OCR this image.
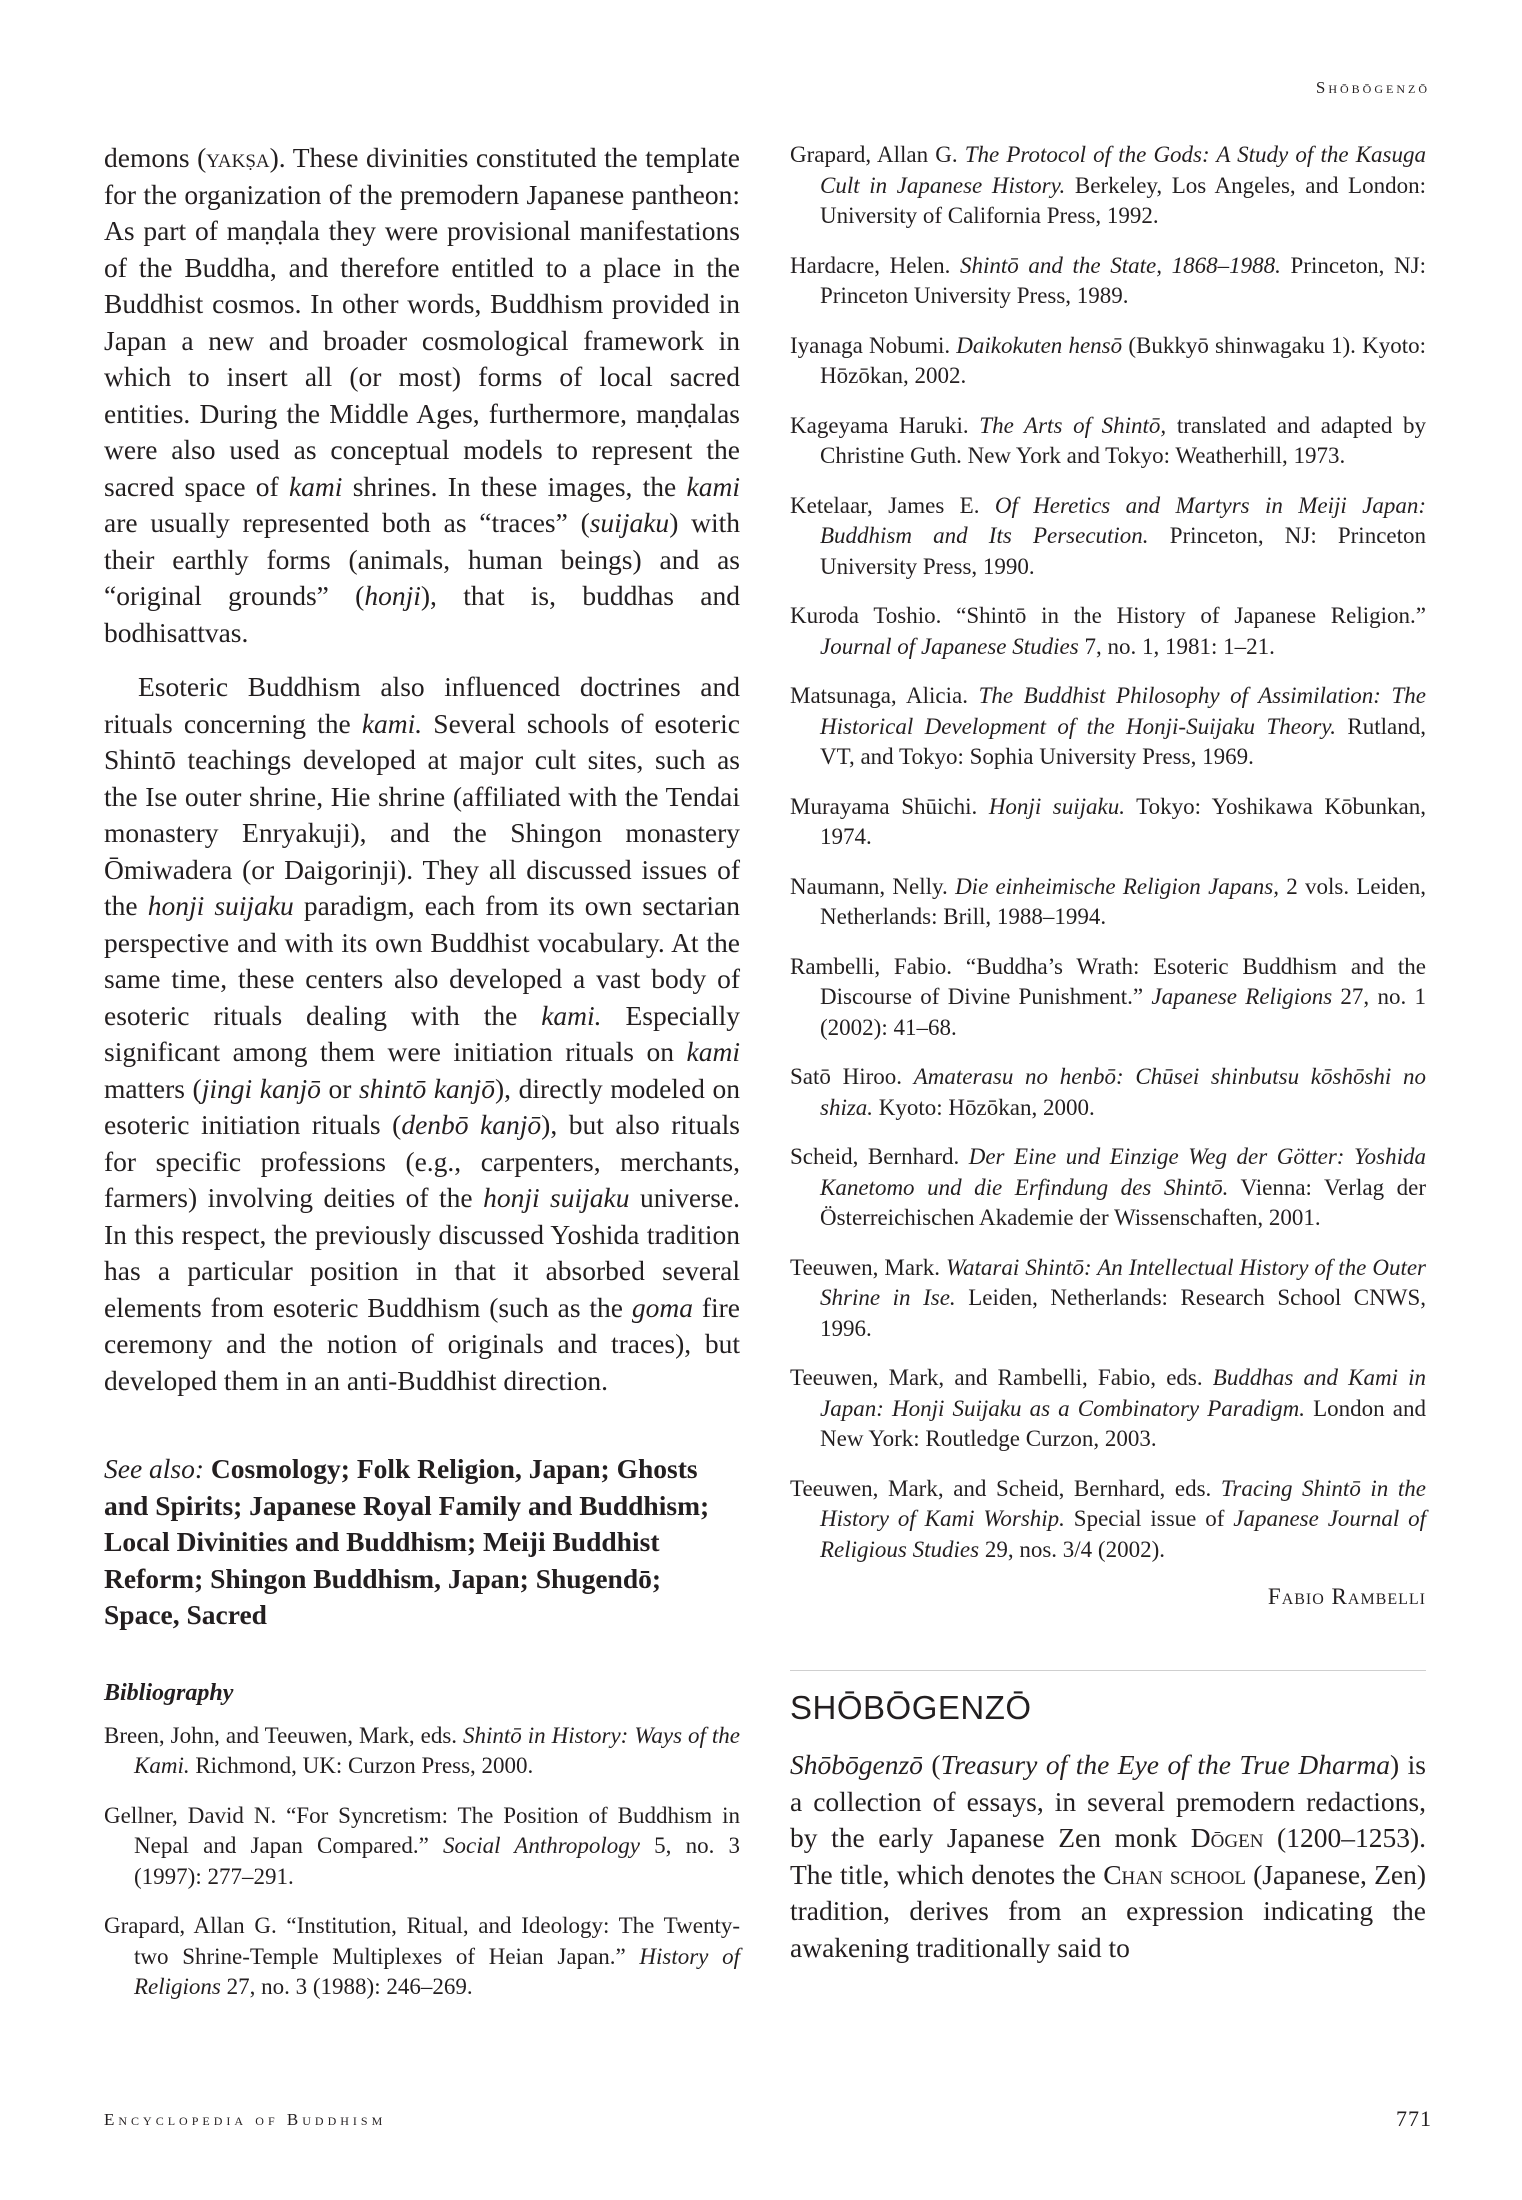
Shōbōgenzō

demons (yakṣa). These divinities constituted the template for the organization of the premodern Japanese pantheon: As part of maṇḍala they were provisional manifestations of the Buddha, and therefore entitled to a place in the Buddhist cosmos. In other words, Buddhism provided in Japan a new and broader cosmological framework in which to insert all (or most) forms of local sacred entities. During the Middle Ages, furthermore, maṇḍalas were also used as conceptual models to represent the sacred space of kami shrines. In these images, the kami are usually represented both as “traces” (suijaku) with their earthly forms (animals, human beings) and as “original grounds” (honji), that is, buddhas and bodhisattvas.

Esoteric Buddhism also influenced doctrines and rituals concerning the kami. Several schools of esoteric Shintō teachings developed at major cult sites, such as the Ise outer shrine, Hie shrine (affiliated with the Tendai monastery Enryakuji), and the Shingon monastery Ōmiwadera (or Daigorinji). They all discussed issues of the honji suijaku paradigm, each from its own sectarian perspective and with its own Buddhist vocabulary. At the same time, these centers also developed a vast body of esoteric rituals dealing with the kami. Especially significant among them were initiation rituals on kami matters (jingi kanjō or shintō kanjō), directly modeled on esoteric initiation rituals (denbō kanjō), but also rituals for specific professions (e.g., carpenters, merchants, farmers) involving deities of the honji suijaku universe. In this respect, the previously discussed Yoshida tradition has a particular position in that it absorbed several elements from esoteric Buddhism (such as the goma fire ceremony and the notion of originals and traces), but developed them in an anti-Buddhist direction.

See also: Cosmology; Folk Religion, Japan; Ghosts and Spirits; Japanese Royal Family and Buddhism; Local Divinities and Buddhism; Meiji Buddhist Reform; Shingon Buddhism, Japan; Shugendō; Space, Sacred
Bibliography

Breen, John, and Teeuwen, Mark, eds. Shintō in History: Ways of the Kami. Richmond, UK: Curzon Press, 2000.

Gellner, David N. “For Syncretism: The Position of Buddhism in Nepal and Japan Compared.” Social Anthropology 5, no. 3 (1997): 277–291.

Grapard, Allan G. “Institution, Ritual, and Ideology: The Twenty-two Shrine-Temple Multiplexes of Heian Japan.” History of Religions 27, no. 3 (1988): 246–269.

Grapard, Allan G. The Protocol of the Gods: A Study of the Kasuga Cult in Japanese History. Berkeley, Los Angeles, and London: University of California Press, 1992.

Hardacre, Helen. Shintō and the State, 1868–1988. Princeton, NJ: Princeton University Press, 1989.

Iyanaga Nobumi. Daikokuten hensō (Bukkyō shinwagaku 1). Kyoto: Hōzōkan, 2002.

Kageyama Haruki. The Arts of Shintō, translated and adapted by Christine Guth. New York and Tokyo: Weatherhill, 1973.

Ketelaar, James E. Of Heretics and Martyrs in Meiji Japan: Buddhism and Its Persecution. Princeton, NJ: Princeton University Press, 1990.

Kuroda Toshio. “Shintō in the History of Japanese Religion.” Journal of Japanese Studies 7, no. 1, 1981: 1–21.

Matsunaga, Alicia. The Buddhist Philosophy of Assimilation: The Historical Development of the Honji-Suijaku Theory. Rutland, VT, and Tokyo: Sophia University Press, 1969.

Murayama Shūichi. Honji suijaku. Tokyo: Yoshikawa Kōbunkan, 1974.

Naumann, Nelly. Die einheimische Religion Japans, 2 vols. Leiden, Netherlands: Brill, 1988–1994.

Rambelli, Fabio. “Buddha’s Wrath: Esoteric Buddhism and the Discourse of Divine Punishment.” Japanese Religions 27, no. 1 (2002): 41–68.

Satō Hiroo. Amaterasu no henbō: Chūsei shinbutsu kōshōshi no shiza. Kyoto: Hōzōkan, 2000.

Scheid, Bernhard. Der Eine und Einzige Weg der Götter: Yoshida Kanetomo und die Erfindung des Shintō. Vienna: Verlag der Österreichischen Akademie der Wissenschaften, 2001.

Teeuwen, Mark. Watarai Shintō: An Intellectual History of the Outer Shrine in Ise. Leiden, Netherlands: Research School CNWS, 1996.

Teeuwen, Mark, and Rambelli, Fabio, eds. Buddhas and Kami in Japan: Honji Suijaku as a Combinatory Paradigm. London and New York: Routledge Curzon, 2003.

Teeuwen, Mark, and Scheid, Bernhard, eds. Tracing Shintō in the History of Kami Worship. Special issue of Japanese Journal of Religious Studies 29, nos. 3/4 (2002).

Fabio Rambelli
SHŌBŌGENZŌ

Shōbōgenzō (Treasury of the Eye of the True Dharma) is a collection of essays, in several premodern redactions, by the early Japanese Zen monk Dōgen (1200–1253). The title, which denotes the Chan school (Japanese, Zen) tradition, derives from an expression indicating the awakening traditionally said to

Encyclopedia of Buddhism	771
